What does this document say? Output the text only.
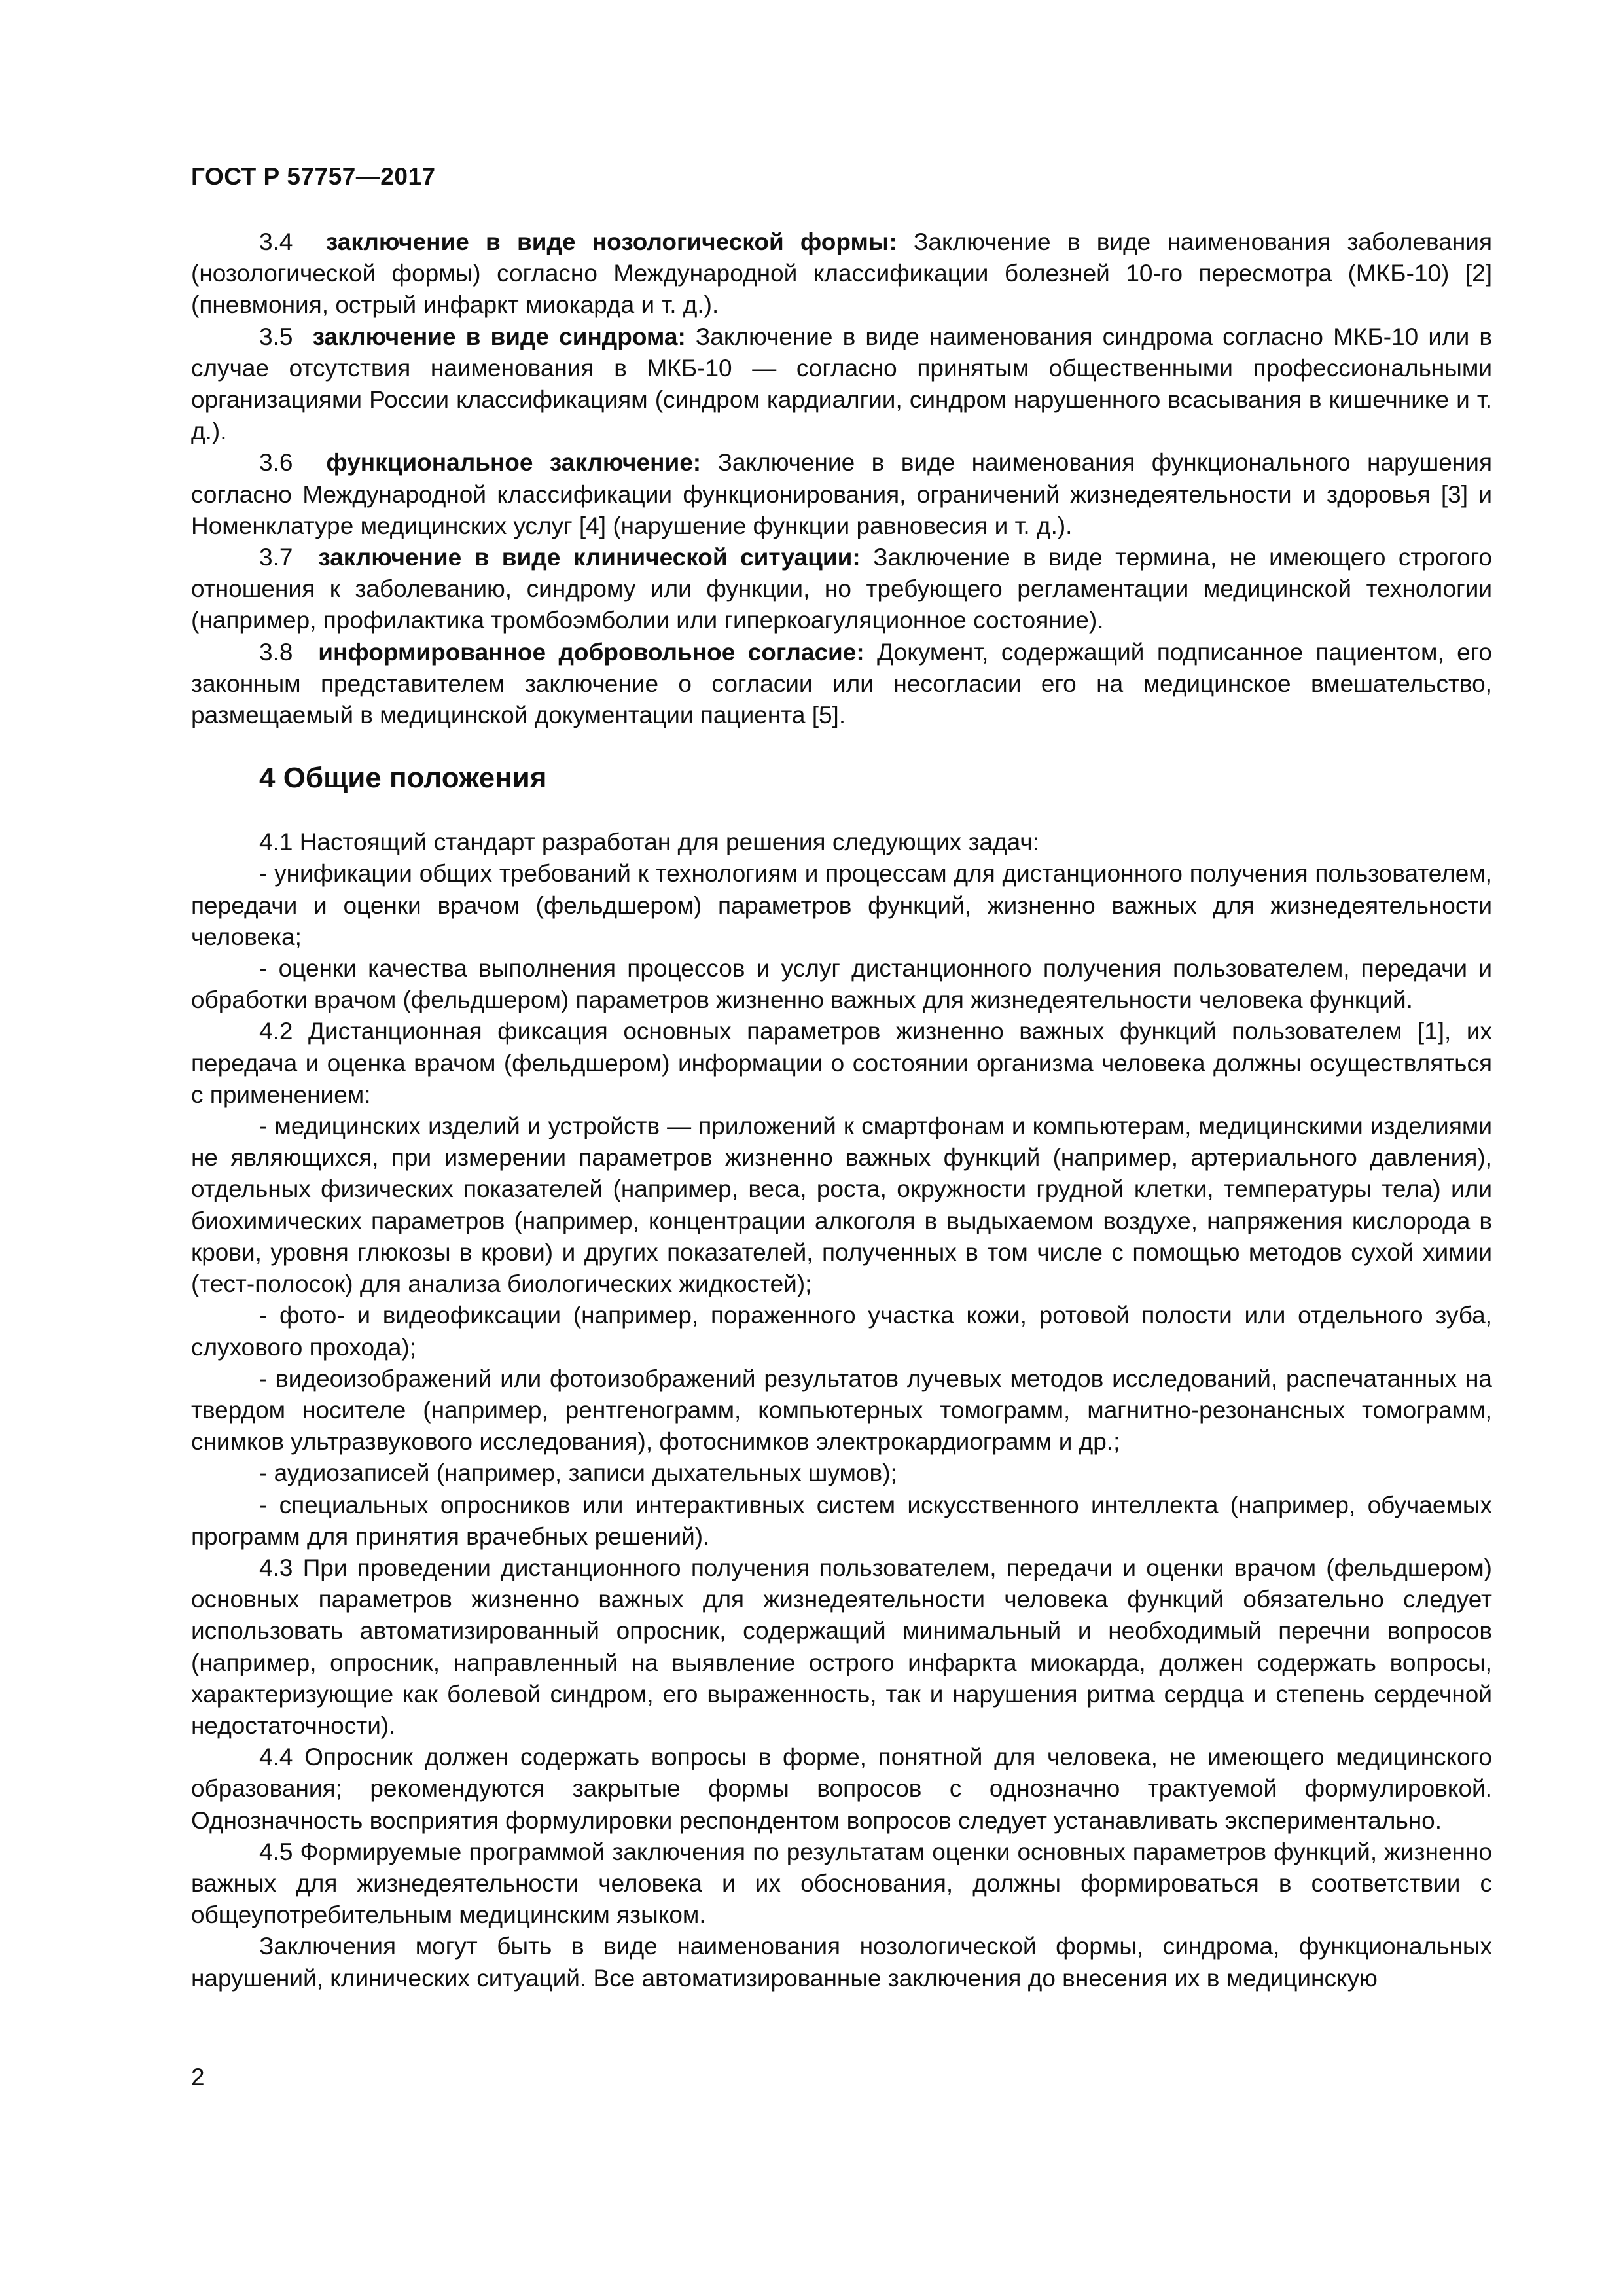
ГОСТ Р 57757—2017

3.4 заключение в виде нозологической формы: Заключение в виде наименования заболевания (нозологической формы) согласно Международной классификации болезней 10-го пересмотра (МКБ-10) [2] (пневмония, острый инфаркт миокарда и т. д.).

3.5 заключение в виде синдрома: Заключение в виде наименования синдрома согласно МКБ-10 или в случае отсутствия наименования в МКБ-10 — согласно принятым общественными профессиональными организациями России классификациям (синдром кардиалгии, синдром нарушенного всасывания в кишечнике и т. д.).

3.6 функциональное заключение: Заключение в виде наименования функционального нарушения согласно Международной классификации функционирования, ограничений жизнедеятельности и здоровья [3] и Номенклатуре медицинских услуг [4] (нарушение функции равновесия и т. д.).

3.7 заключение в виде клинической ситуации: Заключение в виде термина, не имеющего строгого отношения к заболеванию, синдрому или функции, но требующего регламентации медицинской технологии (например, профилактика тромбоэмболии или гиперкоагуляционное состояние).

3.8 информированное добровольное согласие: Документ, содержащий подписанное пациентом, его законным представителем заключение о согласии или несогласии его на медицинское вмешательство, размещаемый в медицинской документации пациента [5].

4 Общие положения

4.1 Настоящий стандарт разработан для решения следующих задач:

- унификации общих требований к технологиям и процессам для дистанционного получения пользователем, передачи и оценки врачом (фельдшером) параметров функций, жизненно важных для жизнедеятельности человека;

- оценки качества выполнения процессов и услуг дистанционного получения пользователем, передачи и обработки врачом (фельдшером) параметров жизненно важных для жизнедеятельности человека функций.

4.2 Дистанционная фиксация основных параметров жизненно важных функций пользователем [1], их передача и оценка врачом (фельдшером) информации о состоянии организма человека должны осуществляться с применением:

- медицинских изделий и устройств — приложений к смартфонам и компьютерам, медицинскими изделиями не являющихся, при измерении параметров жизненно важных функций (например, артериального давления), отдельных физических показателей (например, веса, роста, окружности грудной клетки, температуры тела) или биохимических параметров (например, концентрации алкоголя в выдыхаемом воздухе, напряжения кислорода в крови, уровня глюкозы в крови) и других показателей, полученных в том числе с помощью методов сухой химии (тест-полосок) для анализа биологических жидкостей);

- фото- и видеофиксации (например, пораженного участка кожи, ротовой полости или отдельного зуба, слухового прохода);

- видеоизображений или фотоизображений результатов лучевых методов исследований, распечатанных на твердом носителе (например, рентгенограмм, компьютерных томограмм, магнитно-резонансных томограмм, снимков ультразвукового исследования), фотоснимков электрокардиограмм и др.;

- аудиозаписей (например, записи дыхательных шумов);

- специальных опросников или интерактивных систем искусственного интеллекта (например, обучаемых программ для принятия врачебных решений).

4.3 При проведении дистанционного получения пользователем, передачи и оценки врачом (фельдшером) основных параметров жизненно важных для жизнедеятельности человека функций обязательно следует использовать автоматизированный опросник, содержащий минимальный и необходимый перечни вопросов (например, опросник, направленный на выявление острого инфаркта миокарда, должен содержать вопросы, характеризующие как болевой синдром, его выраженность, так и нарушения ритма сердца и степень сердечной недостаточности).

4.4 Опросник должен содержать вопросы в форме, понятной для человека, не имеющего медицинского образования; рекомендуются закрытые формы вопросов с однозначно трактуемой формулировкой. Однозначность восприятия формулировки респондентом вопросов следует устанавливать экспериментально.

4.5 Формируемые программой заключения по результатам оценки основных параметров функций, жизненно важных для жизнедеятельности человека и их обоснования, должны формироваться в соответствии с общеупотребительным медицинским языком.

Заключения могут быть в виде наименования нозологической формы, синдрома, функциональных нарушений, клинических ситуаций. Все автоматизированные заключения до внесения их в медицинскую

2
